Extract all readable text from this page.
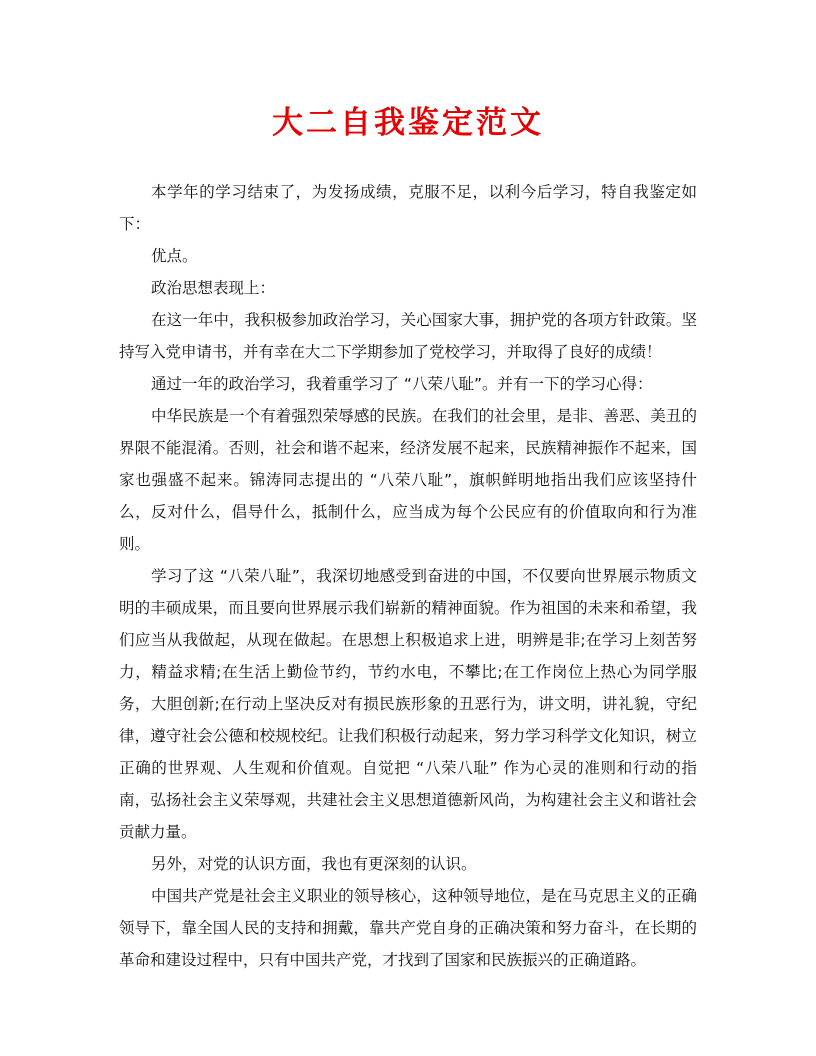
大二自我鉴定范文

本学年的学习结束了，为发扬成绩，克服不足，以利今后学习，特自我鉴定如下：

优点。

政治思想表现上：

在这一年中，我积极参加政治学习，关心国家大事，拥护党的各项方针政策。坚持写入党申请书，并有幸在大二下学期参加了党校学习，并取得了良好的成绩！

通过一年的政治学习，我着重学习了 “八荣八耻”。并有一下的学习心得：

中华民族是一个有着强烈荣辱感的民族。在我们的社会里，是非、善恶、美丑的界限不能混淆。否则，社会和谐不起来，经济发展不起来，民族精神振作不起来，国家也强盛不起来。锦涛同志提出的 “八荣八耻”，旗帜鲜明地指出我们应该坚持什么，反对什么，倡导什么，抵制什么，应当成为每个公民应有的价值取向和行为准则。

学习了这 “八荣八耻”，我深切地感受到奋进的中国，不仅要向世界展示物质文明的丰硕成果，而且要向世界展示我们崭新的精神面貌。作为祖国的未来和希望，我们应当从我做起，从现在做起。在思想上积极追求上进，明辨是非;在学习上刻苦努力，精益求精;在生活上勤俭节约，节约水电，不攀比;在工作岗位上热心为同学服务，大胆创新;在行动上坚决反对有损民族形象的丑恶行为，讲文明，讲礼貌，守纪律，遵守社会公德和校规校纪。让我们积极行动起来，努力学习科学文化知识，树立正确的世界观、人生观和价值观。自觉把 “八荣八耻” 作为心灵的准则和行动的指南，弘扬社会主义荣辱观，共建社会主义思想道德新风尚，为构建社会主义和谐社会贡献力量。

另外，对党的认识方面，我也有更深刻的认识。

中国共产党是社会主义职业的领导核心，这种领导地位，是在马克思主义的正确领导下，靠全国人民的支持和拥戴，靠共产党自身的正确决策和努力奋斗，在长期的革命和建设过程中，只有中国共产党，才找到了国家和民族振兴的正确道路。
